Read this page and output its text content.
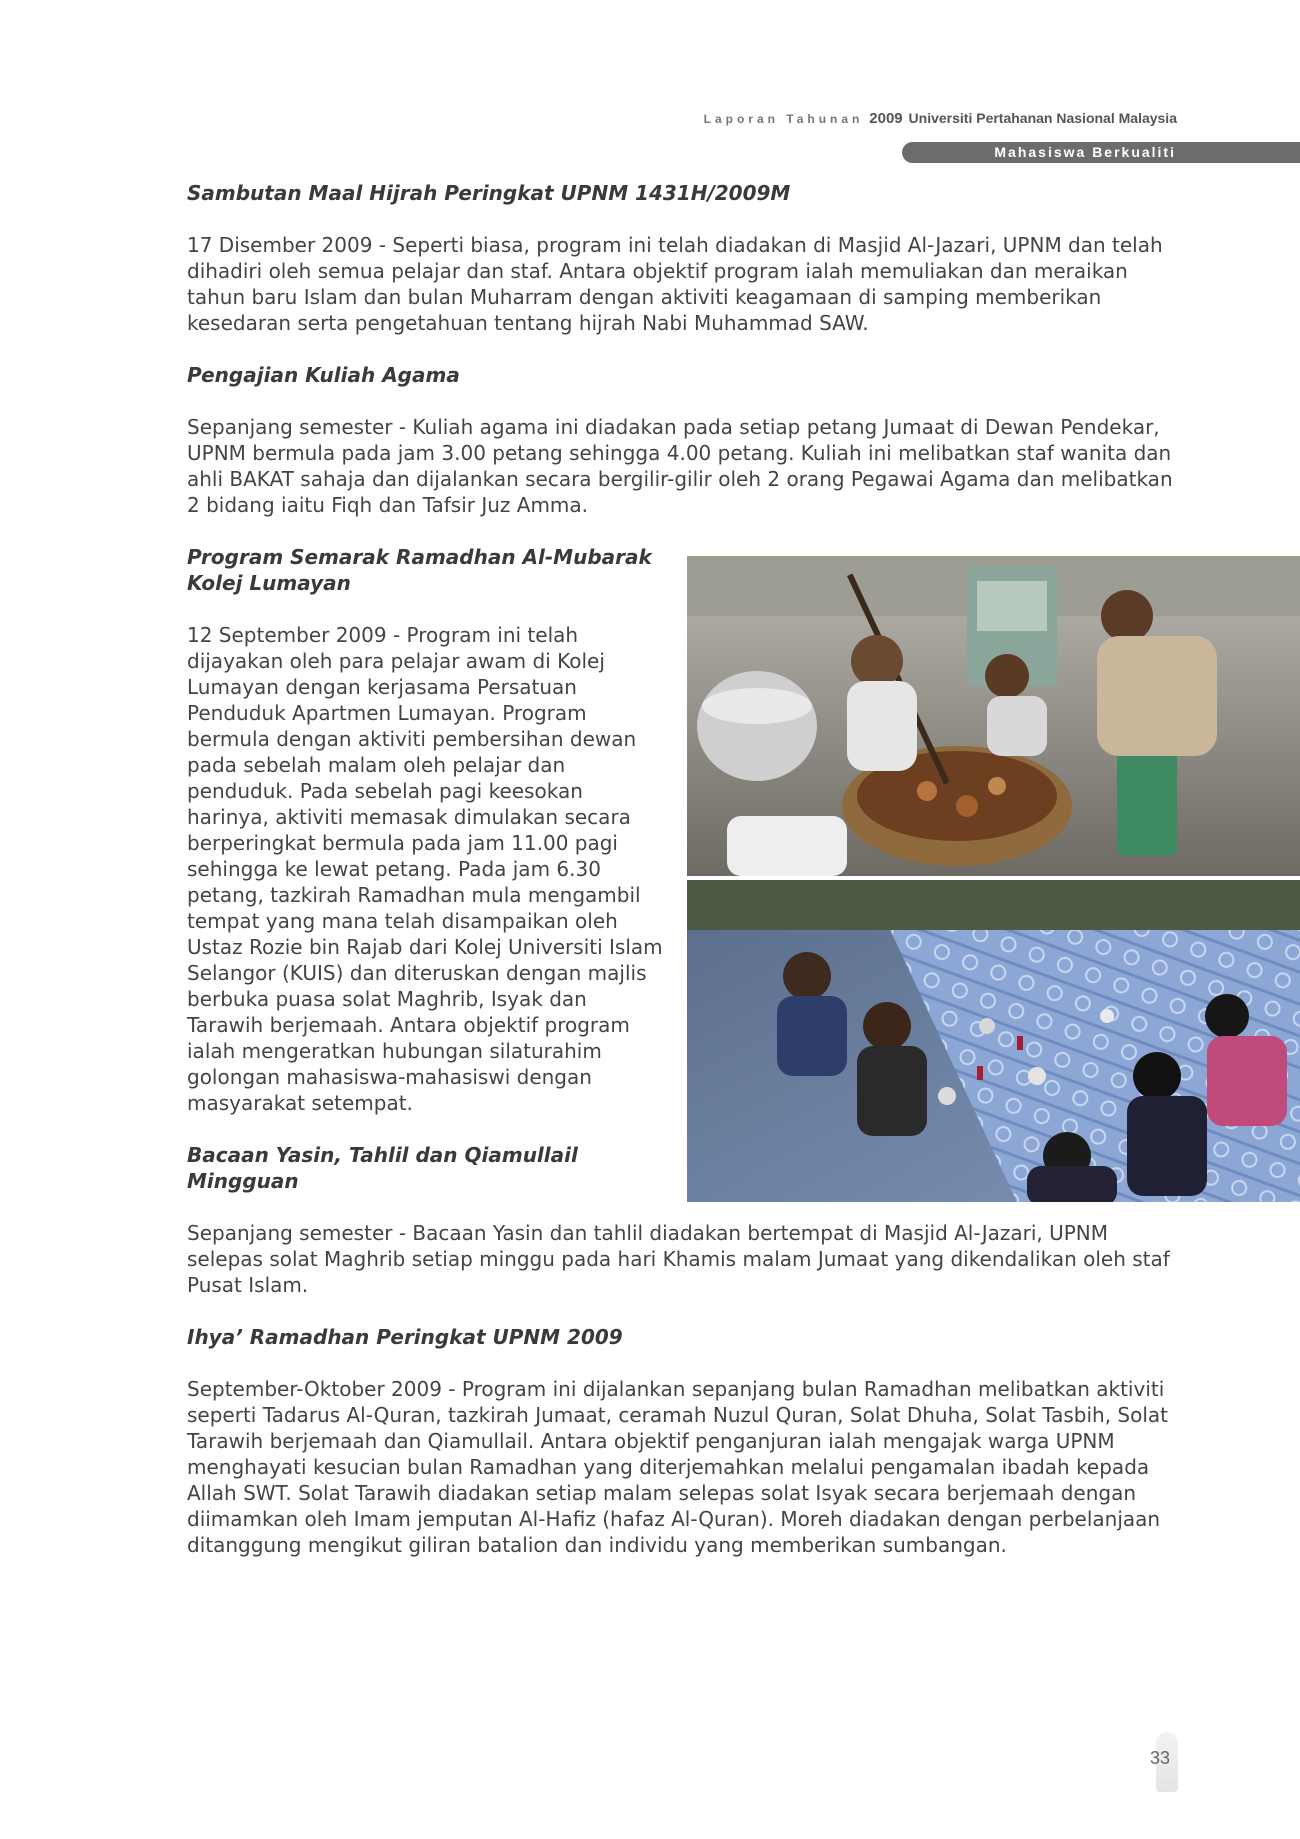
Laporan Tahunan 2009 Universiti Pertahanan Nasional Malaysia
Mahasiswa Berkualiti

Sambutan Maal Hijrah Peringkat UPNM 1431H/2009M

17 Disember 2009 - Seperti biasa, program ini telah diadakan di Masjid Al-Jazari, UPNM dan telah dihadiri oleh semua pelajar dan staf. Antara objektif program ialah memuliakan dan meraikan tahun baru Islam dan bulan Muharram dengan aktiviti keagamaan di samping memberikan kesedaran serta pengetahuan tentang hijrah Nabi Muhammad SAW.

Pengajian Kuliah Agama

Sepanjang semester - Kuliah agama ini diadakan pada setiap petang Jumaat di Dewan Pendekar, UPNM bermula pada jam 3.00 petang sehingga 4.00 petang. Kuliah ini melibatkan staf wanita dan ahli BAKAT sahaja dan dijalankan secara bergilir-gilir oleh 2 orang Pegawai Agama dan melibatkan 2 bidang iaitu Fiqh dan Tafsir Juz Amma.

Program Semarak Ramadhan Al-Mubarak Kolej Lumayan

12 September 2009 - Program ini telah dijayakan oleh para pelajar awam di Kolej Lumayan dengan kerjasama Persatuan Penduduk Apartmen Lumayan. Program bermula dengan aktiviti pembersihan dewan pada sebelah malam oleh pelajar dan penduduk. Pada sebelah pagi keesokan harinya, aktiviti memasak dimulakan secara berperingkat bermula pada jam 11.00 pagi sehingga ke lewat petang. Pada jam 6.30 petang, tazkirah Ramadhan mula mengambil tempat yang mana telah disampaikan oleh Ustaz Rozie bin Rajab dari Kolej Universiti Islam Selangor (KUIS) dan diteruskan dengan majlis berbuka puasa solat Maghrib, Isyak dan Tarawih berjemaah. Antara objektif program ialah mengeratkan hubungan silaturahim golongan mahasiswa-mahasiswi dengan masyarakat setempat.

Bacaan Yasin, Tahlil dan Qiamullail Mingguan

Sepanjang semester - Bacaan Yasin dan tahlil diadakan bertempat di Masjid Al-Jazari, UPNM selepas solat Maghrib setiap minggu pada hari Khamis malam Jumaat yang dikendalikan oleh staf Pusat Islam.

Ihya’ Ramadhan Peringkat UPNM 2009

September-Oktober 2009 - Program ini dijalankan sepanjang bulan Ramadhan melibatkan aktiviti seperti Tadarus Al-Quran, tazkirah Jumaat, ceramah Nuzul Quran, Solat Dhuha, Solat Tasbih, Solat Tarawih berjemaah dan Qiamullail. Antara objektif penganjuran ialah mengajak warga UPNM menghayati kesucian bulan Ramadhan yang diterjemahkan melalui pengamalan ibadah kepada Allah SWT. Solat Tarawih diadakan setiap malam selepas solat Isyak secara berjemaah dengan diimamkan oleh Imam jemputan Al-Hafiz (hafaz Al-Quran). Moreh diadakan dengan perbelanjaan ditanggung mengikut giliran batalion dan individu yang memberikan sumbangan.

33
